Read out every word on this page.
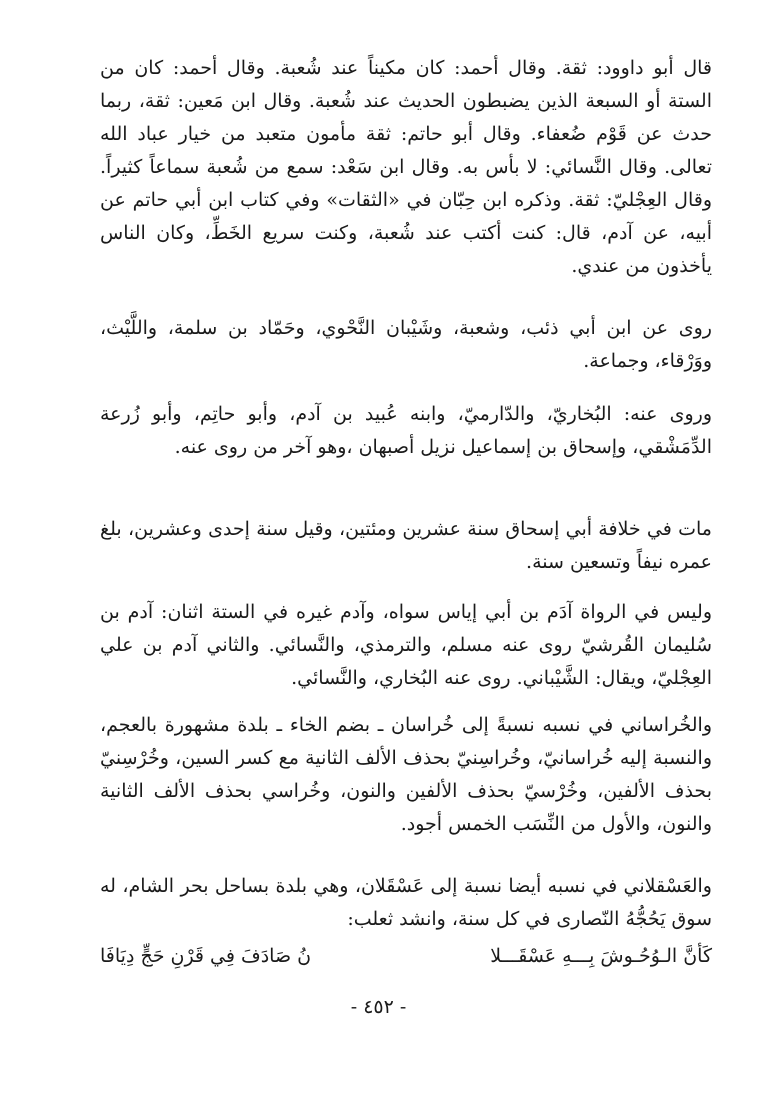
قال أبو داوود: ثقة. وقال أحمد: كان مكيناً عند شُعبة. وقال أحمد: كان من الستة أو السبعة الذين يضبطون الحديث عند شُعبة. وقال ابن مَعين: ثقة، ربما حدث عن قَوْم ضُعفاء. وقال أبو حاتم: ثقة مأمون متعبد من خيار عباد الله تعالى. وقال النَّسائي: لا بأس به. وقال ابن سَعْد: سمع من شُعبة سماعاً كثيراً. وقال العِجْليّ: ثقة. وذكره ابن حِبّان في «الثقات» وفي كتاب ابن أبي حاتم عن أبيه، عن آدم، قال: كنت أكتب عند شُعبة، وكنت سريع الخَطِّ، وكان الناس يأخذون من عندي.

روى عن ابن أبي ذئب، وشعبة، وشَيْبان النَّحْوي، وحَمّاد بن سلمة، واللَّيْث، ووَرْقاء، وجماعة.

وروى عنه: البُخاريّ، والدّارميّ، وابنه عُبيد بن آدم، وأبو حاتِم، وأبو زُرعة الدِّمَشْقي، وإسحاق بن إسماعيل نزيل أصبهان ،وهو آخر من روى عنه.

مات في خلافة أبي إسحاق سنة عشرين ومئتين، وقيل سنة إحدى وعشرين، بلغ عمره نيفاً وتسعين سنة.

وليس في الرواة آدَم بن أبي إياس سواه، وآدم غيره في الستة اثنان: آدم بن سُليمان القُرشيّ روى عنه مسلم، والترمذي، والنَّسائي. والثاني آدم بن علي العِجْليّ، ويقال: الشَّيْباني. روى عنه البُخاري، والنَّسائي.

والخُراساني في نسبه نسبةً إلى خُراسان ـ بضم الخاء ـ بلدة مشهورة بالعجم، والنسبة إليه خُراسانيّ، وخُراسِنيّ بحذف الألف الثانية مع كسر السين، وخُرْسِنيّ بحذف الألفين، وخُرْسيّ بحذف الألفين والنون، وخُراسي بحذف الألف الثانية والنون، والأول من النِّسَب الخمس أجود.

والعَسْقلاني في نسبه أيضا نسبة إلى عَسْقَلان، وهي بلدة بساحل بحر الشام، له سوق يَحُجُّهُ النّصارى في كل سنة، وانشد ثعلب:

كَأنَّ الـوُحُـوشَ بِـــهِ عَسْقَـــلا
نُ صَادَفَ فِي قَرْنِ حَجٍّ دِيَافَا
- ٤٥٢ -
